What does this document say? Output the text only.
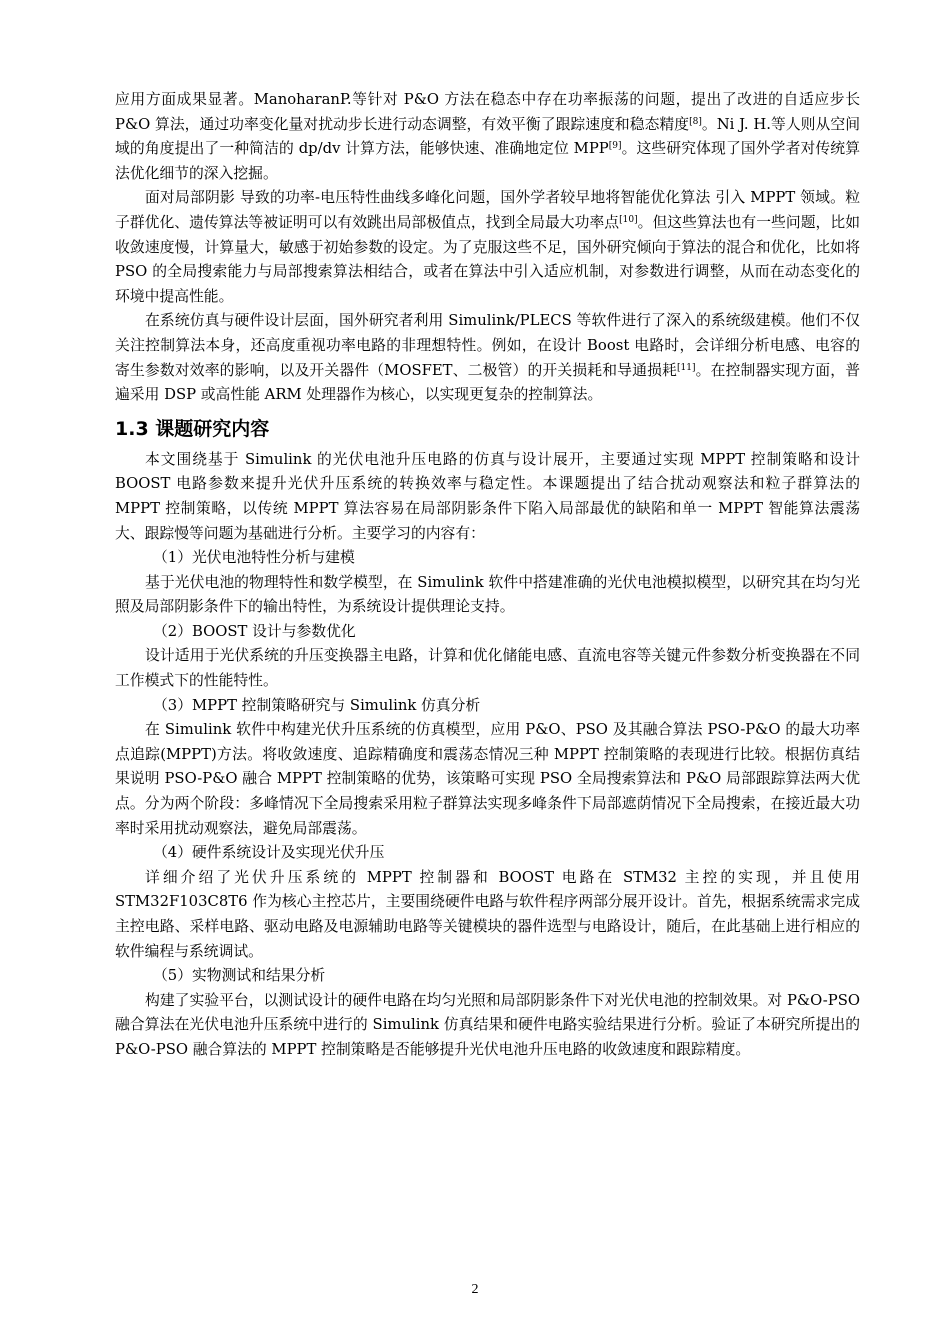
应用方面成果显著。ManoharanP.等针对 P&O 方法在稳态中存在功率振荡的问题，提出了改进的自适应步长 P&O 算法，通过功率变化量对扰动步长进行动态调整，有效平衡了跟踪速度和稳态精度[8]。Ni J. H.等人则从空间域的角度提出了一种简洁的 dp/dv 计算方法，能够快速、准确地定位 MPP[9]。这些研究体现了国外学者对传统算法优化细节的深入挖掘。

面对局部阴影 导致的功率-电压特性曲线多峰化问题，国外学者较早地将智能优化算法 引入 MPPT 领域。粒子群优化、遗传算法等被证明可以有效跳出局部极值点，找到全局最大功率点[10]。但这些算法也有一些问题，比如收敛速度慢，计算量大，敏感于初始参数的设定。为了克服这些不足，国外研究倾向于算法的混合和优化，比如将 PSO 的全局搜索能力与局部搜索算法相结合，或者在算法中引入适应机制，对参数进行调整，从而在动态变化的环境中提高性能。

在系统仿真与硬件设计层面，国外研究者利用 Simulink/PLECS 等软件进行了深入的系统级建模。他们不仅关注控制算法本身，还高度重视功率电路的非理想特性。例如，在设计 Boost 电路时，会详细分析电感、电容的寄生参数对效率的影响，以及开关器件（MOSFET、二极管）的开关损耗和导通损耗[11]。在控制器实现方面，普遍采用 DSP 或高性能 ARM 处理器作为核心，以实现更复杂的控制算法。

1.3 课题研究内容

本文围绕基于 Simulink 的光伏电池升压电路的仿真与设计展开，主要通过实现 MPPT 控制策略和设计 BOOST 电路参数来提升光伏升压系统的转换效率与稳定性。本课题提出了结合扰动观察法和粒子群算法的 MPPT 控制策略，以传统 MPPT 算法容易在局部阴影条件下陷入局部最优的缺陷和单一 MPPT 智能算法震荡大、跟踪慢等问题为基础进行分析。主要学习的内容有：

（1）光伏电池特性分析与建模

基于光伏电池的物理特性和数学模型，在 Simulink 软件中搭建准确的光伏电池模拟模型，以研究其在均匀光照及局部阴影条件下的输出特性，为系统设计提供理论支持。

（2）BOOST 设计与参数优化

设计适用于光伏系统的升压变换器主电路，计算和优化储能电感、直流电容等关键元件参数分析变换器在不同工作模式下的性能特性。

（3）MPPT 控制策略研究与 Simulink 仿真分析

在 Simulink 软件中构建光伏升压系统的仿真模型，应用 P&O、PSO 及其融合算法 PSO-P&O 的最大功率点追踪(MPPT)方法。将收敛速度、追踪精确度和震荡态情况三种 MPPT 控制策略的表现进行比较。根据仿真结果说明 PSO-P&O 融合 MPPT 控制策略的优势，该策略可实现 PSO 全局搜索算法和 P&O 局部跟踪算法两大优点。分为两个阶段：多峰情况下全局搜索采用粒子群算法实现多峰条件下局部遮荫情况下全局搜索，在接近最大功率时采用扰动观察法，避免局部震荡。

（4）硬件系统设计及实现光伏升压

详细介绍了光伏升压系统的 MPPT 控制器和 BOOST 电路在 STM32 主控的实现，并且使用 STM32F103C8T6 作为核心主控芯片，主要围绕硬件电路与软件程序两部分展开设计。首先，根据系统需求完成主控电路、采样电路、驱动电路及电源辅助电路等关键模块的器件选型与电路设计，随后，在此基础上进行相应的软件编程与系统调试。

（5）实物测试和结果分析

构建了实验平台，以测试设计的硬件电路在均匀光照和局部阴影条件下对光伏电池的控制效果。对 P&O-PSO 融合算法在光伏电池升压系统中进行的 Simulink 仿真结果和硬件电路实验结果进行分析。验证了本研究所提出的 P&O-PSO 融合算法的 MPPT 控制策略是否能够提升光伏电池升压电路的收敛速度和跟踪精度。

2
